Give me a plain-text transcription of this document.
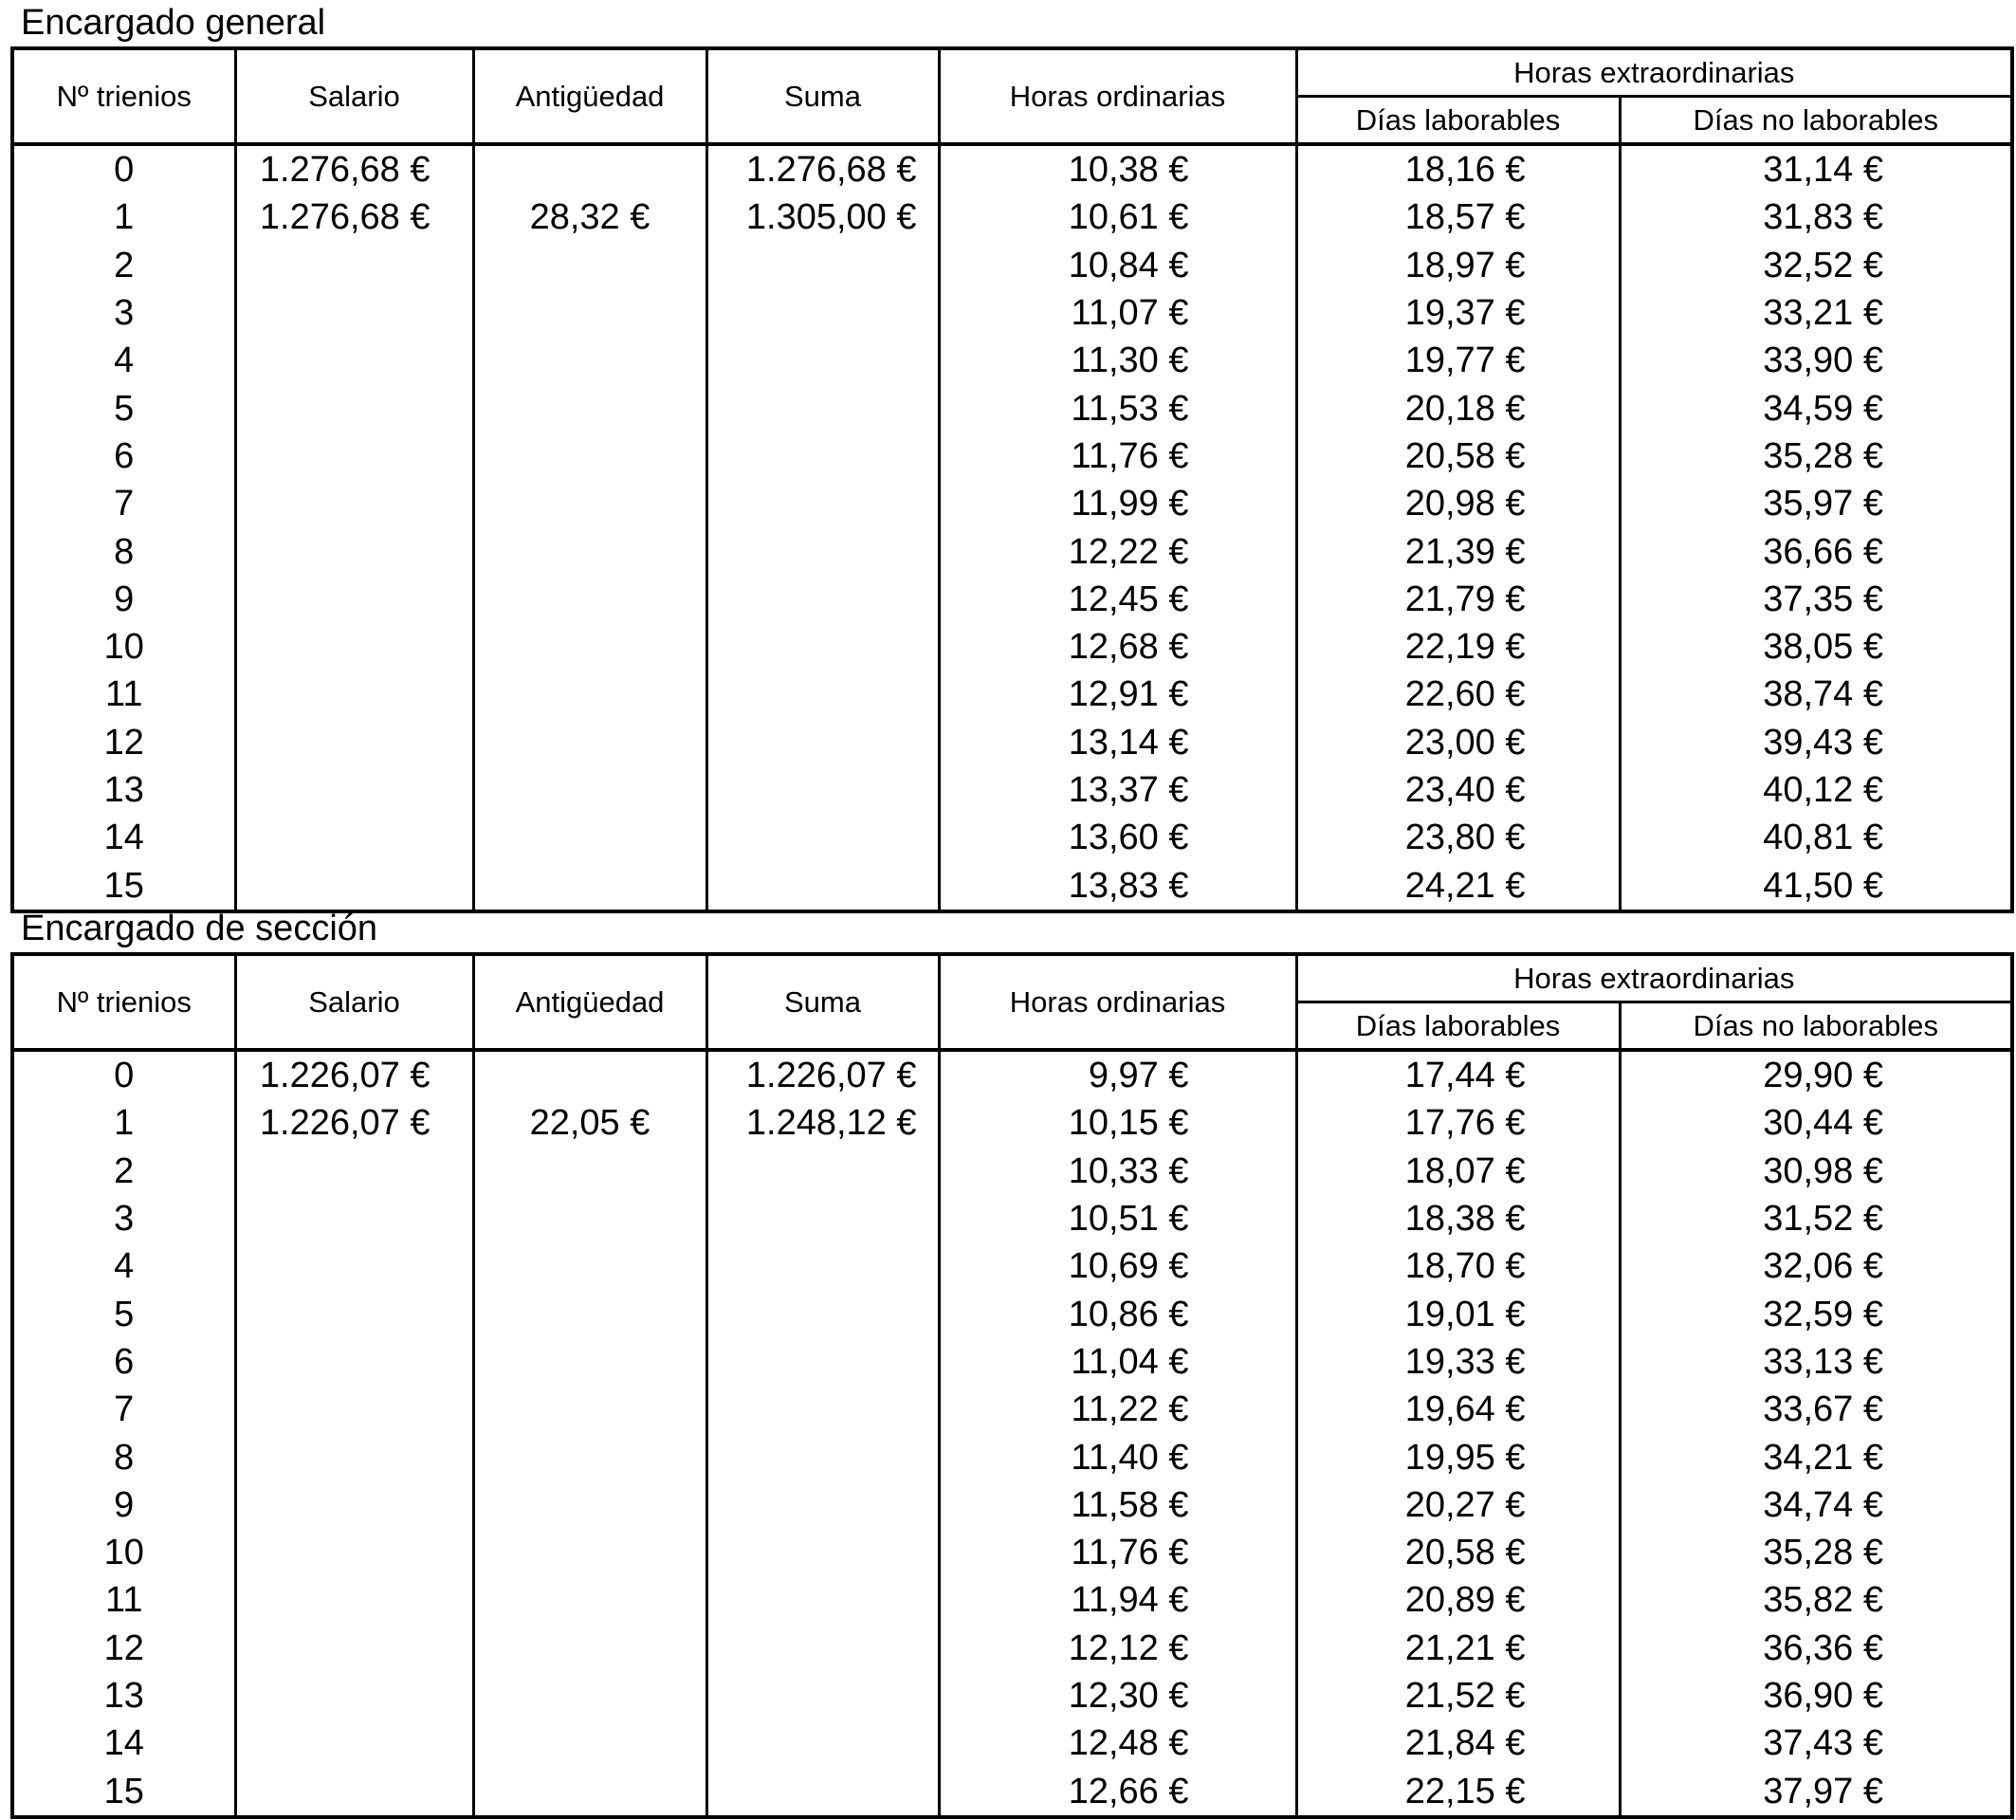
Encargado general
Nº trienios	Salario	Antigüedad	Suma	Horas ordinarias	Horas extraordinarias	
					Días laborables	Días no laborables
0	1.276,68 €		1.276,68 €	10,38 €	18,16 €	31,14 €
1	1.276,68 €	28,32 €	1.305,00 €	10,61 €	18,57 €	31,83 €
2				10,84 €	18,97 €	32,52 €
3				11,07 €	19,37 €	33,21 €
4				11,30 €	19,77 €	33,90 €
5				11,53 €	20,18 €	34,59 €
6				11,76 €	20,58 €	35,28 €
7				11,99 €	20,98 €	35,97 €
8				12,22 €	21,39 €	36,66 €
9				12,45 €	21,79 €	37,35 €
10				12,68 €	22,19 €	38,05 €
11				12,91 €	22,60 €	38,74 €
12				13,14 €	23,00 €	39,43 €
13				13,37 €	23,40 €	40,12 €
14				13,60 €	23,80 €	40,81 €
15				13,83 €	24,21 €	41,50 €
Encargado de sección
Nº trienios	Salario	Antigüedad	Suma	Horas ordinarias	Horas extraordinarias	
					Días laborables	Días no laborables
0	1.226,07 €		1.226,07 €	9,97 €	17,44 €	29,90 €
1	1.226,07 €	22,05 €	1.248,12 €	10,15 €	17,76 €	30,44 €
2				10,33 €	18,07 €	30,98 €
3				10,51 €	18,38 €	31,52 €
4				10,69 €	18,70 €	32,06 €
5				10,86 €	19,01 €	32,59 €
6				11,04 €	19,33 €	33,13 €
7				11,22 €	19,64 €	33,67 €
8				11,40 €	19,95 €	34,21 €
9				11,58 €	20,27 €	34,74 €
10				11,76 €	20,58 €	35,28 €
11				11,94 €	20,89 €	35,82 €
12				12,12 €	21,21 €	36,36 €
13				12,30 €	21,52 €	36,90 €
14				12,48 €	21,84 €	37,43 €
15				12,66 €	22,15 €	37,97 €
